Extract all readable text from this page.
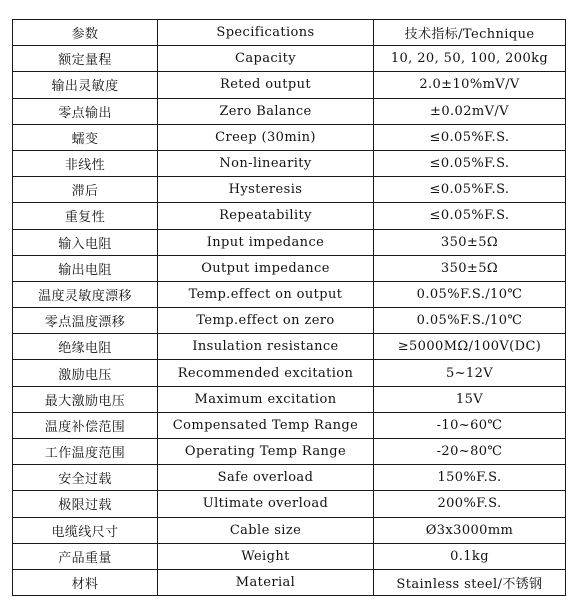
参数	Specifications	技术指标/Technique
额定量程	Capacity	10, 20, 50, 100, 200kg
输出灵敏度	Reted output	2.0±10%mV/V
零点输出	Zero Balance	±0.02mV/V
蠕变	Creep (30min)	≤0.05%F.S.
非线性	Non-linearity	≤0.05%F.S.
滞后	Hysteresis	≤0.05%F.S.
重复性	Repeatability	≤0.05%F.S.
输入电阻	Input impedance	350±5Ω
输出电阻	Output impedance	350±5Ω
温度灵敏度漂移	Temp.effect on output	0.05%F.S./10℃
零点温度漂移	Temp.effect on zero	0.05%F.S./10℃
绝缘电阻	Insulation resistance	≥5000MΩ/100V(DC)
激励电压	Recommended excitation	5~12V
最大激励电压	Maximum excitation	15V
温度补偿范围	Compensated Temp Range	-10~60℃
工作温度范围	Operating Temp Range	-20~80℃
安全过载	Safe overload	150%F.S.
极限过载	Ultimate overload	200%F.S.
电缆线尺寸	Cable size	Ø3x3000mm
产品重量	Weight	0.1kg
材料	Material	Stainless steel/不锈钢
